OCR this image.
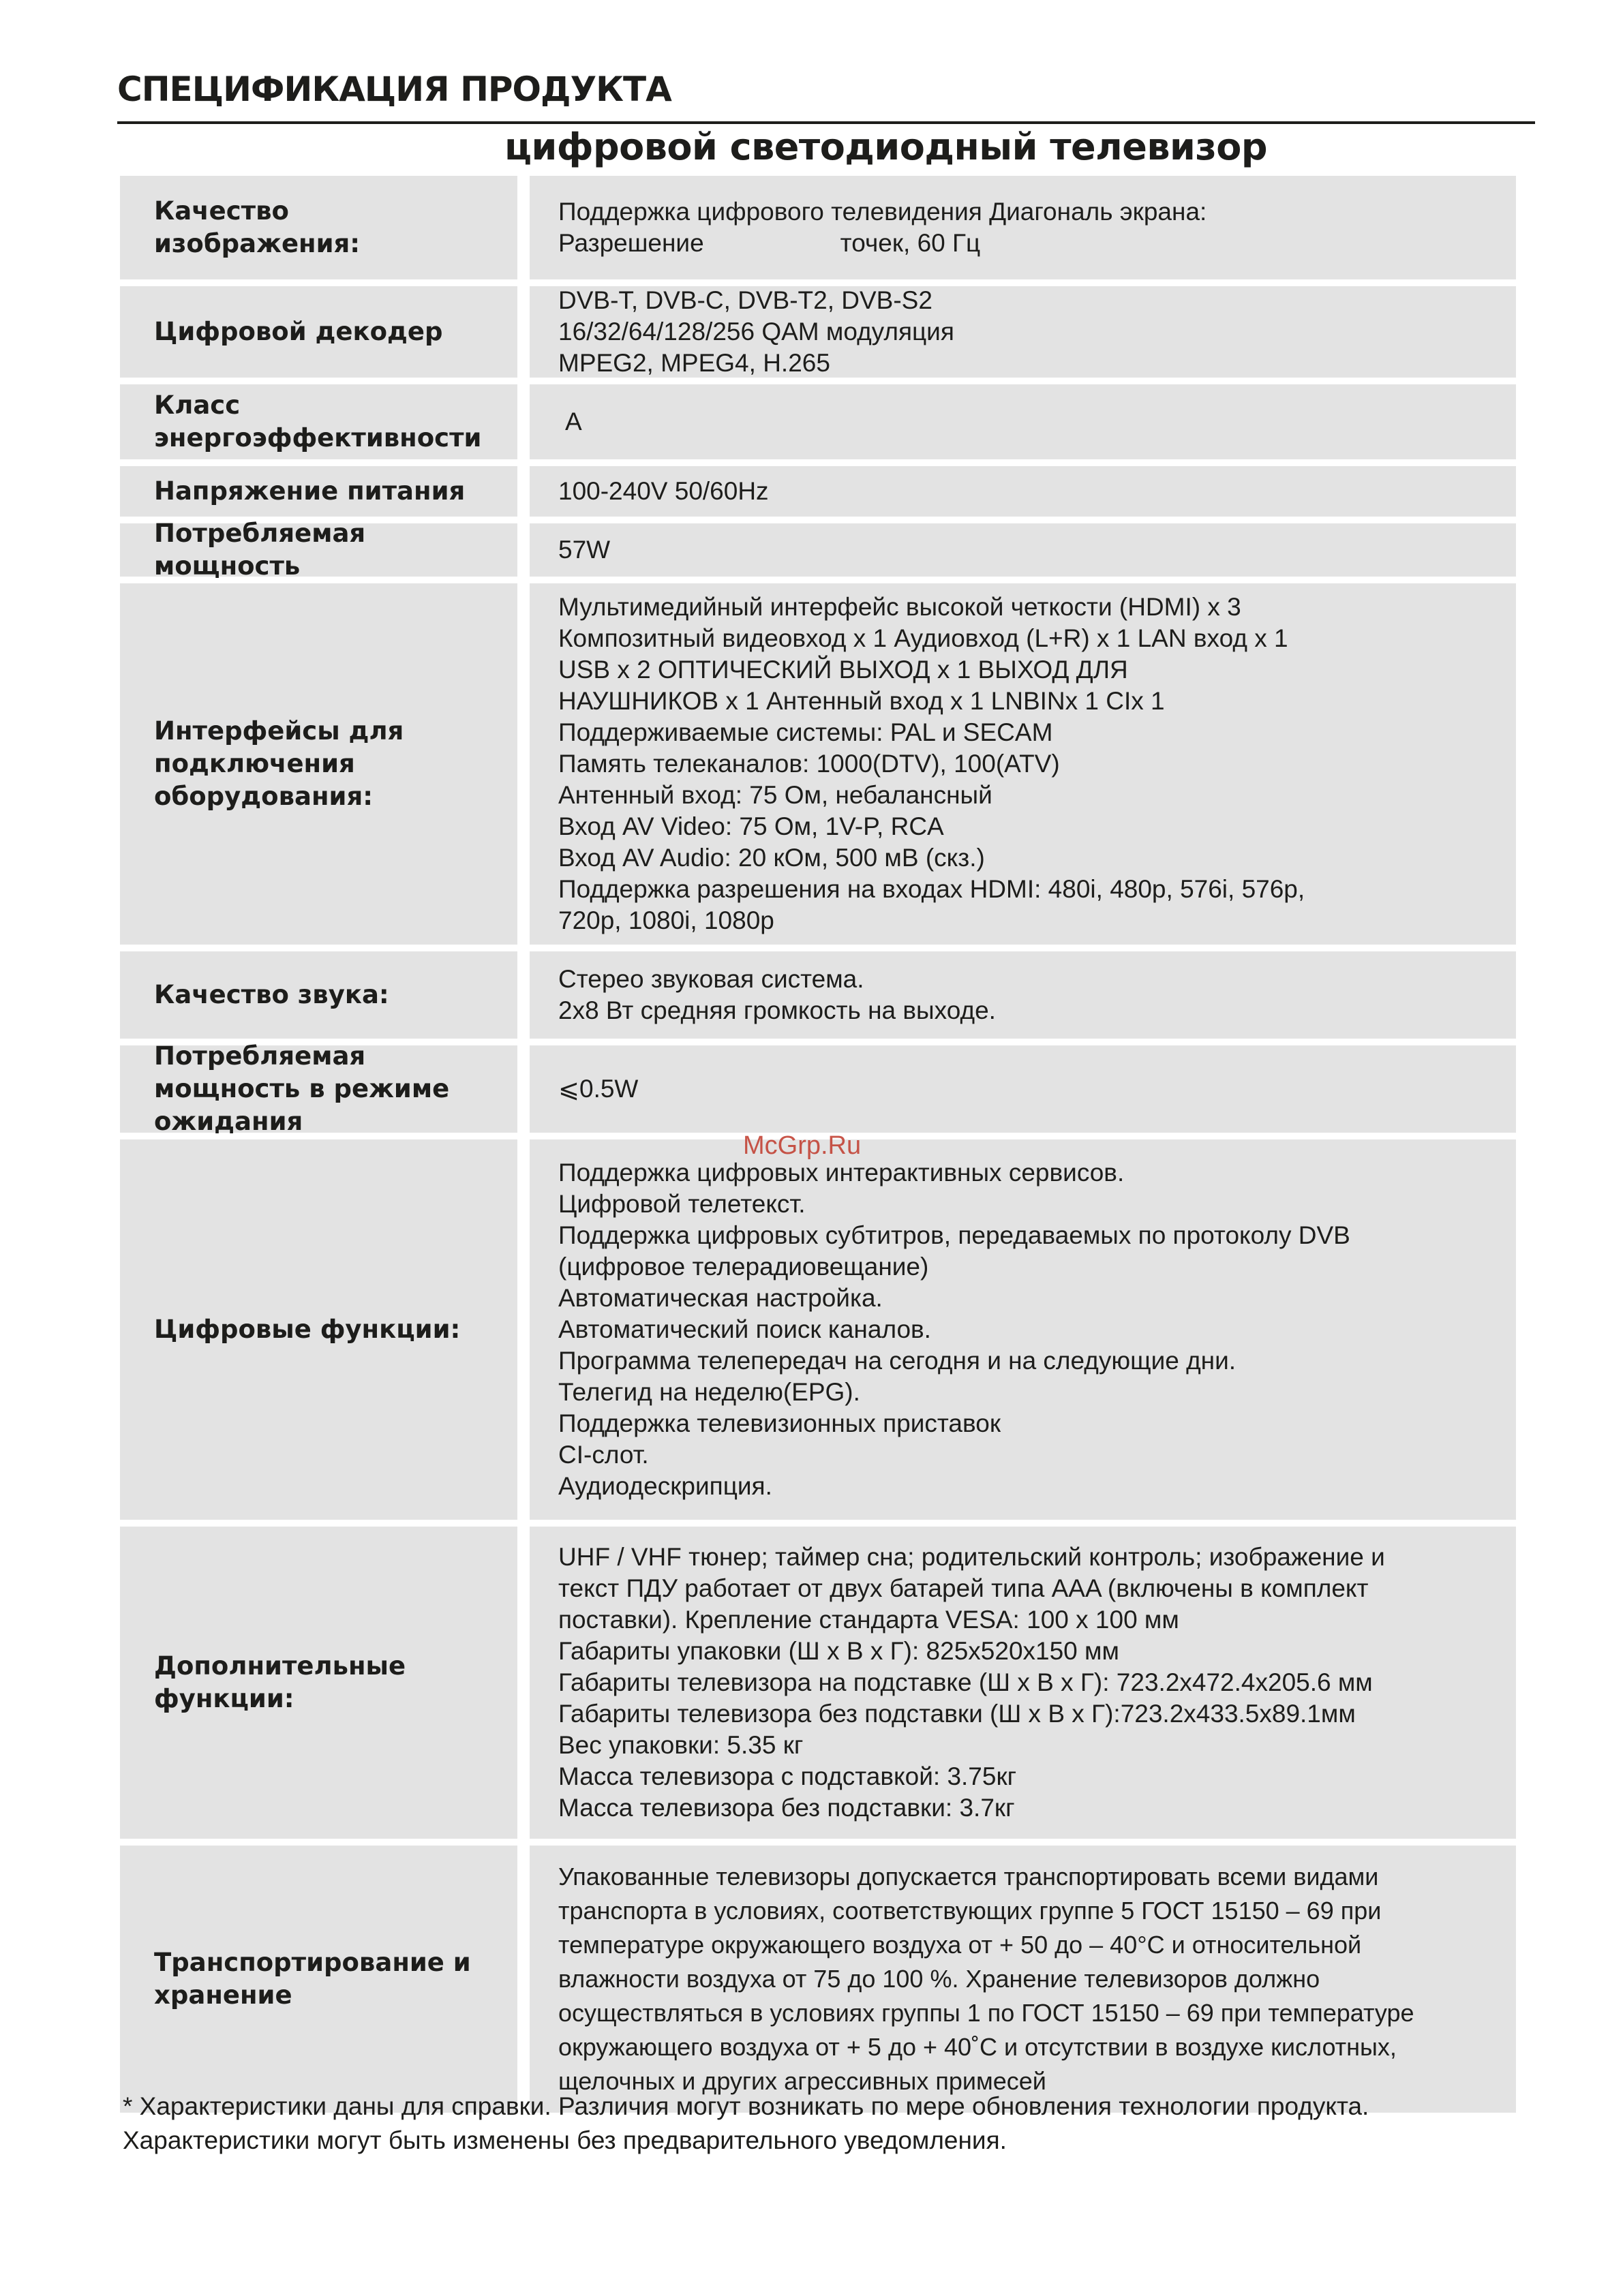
СПЕЦИФИКАЦИЯ ПРОДУКТА
цифровой светодиодный телевизор
Качество изображения:
Поддержка цифрового телевидения Диагональ экрана:
Разрешение	точек, 60 Гц
Цифровой декодер
DVB-T, DVB-C, DVB-T2, DVB-S2
16/32/64/128/256 QAM модуляция
MPEG2, MPEG4, H.265
Класс энергоэффективности
A
Напряжение питания	100-240V 50/60Hz
Потребляемая мощность
57W
Интерфейсы для подключения оборудования:
Мультимедийный интерфейс высокой четкости (HDMI) x 3
Композитный видеовход x 1 Аудиовход (L+R) x 1 LAN вход x 1
USB x 2 ОПТИЧЕСКИЙ ВЫХОД x 1 ВЫХОД ДЛЯ
НАУШНИКОВ x 1 Антенный вход x 1 LNBINx 1 CIx 1
Поддерживаемые системы: PAL и SECAM
Память телеканалов: 1000(DTV), 100(ATV)
Антенный вход: 75 Ом, небалансный
Вход AV Video: 75 Ом, 1V-P, RCA
Вход AV Audio: 20 кОм, 500 мВ (скз.)
Поддержка разрешения на входах HDMI: 480i, 480p, 576i, 576p,
720p, 1080i, 1080p
Качество звука:
Стерео звуковая система.
2x8 Вт средняя громкость на выходе.
Потребляемая мощность в режиме ожидания
⩽0.5W
Цифровые функции:
Поддержка цифровых интерактивных сервисов.
Цифровой телетекст.
Поддержка цифровых субтитров, передаваемых по протоколу DVB
(цифровое телерадиовещание)
Автоматическая настройка.
Автоматический поиск каналов.
Программа телепередач на сегодня и на следующие дни.
Телегид на неделю(EPG).
Поддержка телевизионных приставок
CI-слот.
Аудиодескрипция.
Дополнительные функции:
UHF / VHF тюнер; таймер сна; родительский контроль; изображение и
текст ПДУ работает от двух батарей типа AAA (включены в комплект
поставки). Крепление стандарта VESA: 100 x 100 мм
Габариты упаковки (Ш x В x Г): 825x520x150 мм
Габариты телевизора на подставке (Ш x В x Г): 723.2x472.4x205.6 мм
Габариты телевизора без подставки (Ш x В x Г):723.2x433.5x89.1мм
Вес упаковки: 5.35 кг
Масса телевизора с подставкой: 3.75кг
Масса телевизора без подставки: 3.7кг
Транспортирование и хранение
Упакованные телевизоры допускается транспортировать всеми видами
транспорта в условиях, соответствующих группе 5 ГОСТ 15150 – 69 при
температуре окружающего воздуха от + 50 до – 40°С и относительной
влажности воздуха от 75 до 100 %. Хранение телевизоров должно
осуществляться в условиях группы 1 по ГОСТ 15150 – 69 при температуре
окружающего воздуха от + 5 до + 40˚С и отсутствии в воздухе кислотных,
щелочных и других агрессивных примесей
McGrp.Ru
* Характеристики даны для справки. Различия могут возникать по мере обновления технологии продукта.
Характеристики могут быть изменены без предварительного уведомления.
